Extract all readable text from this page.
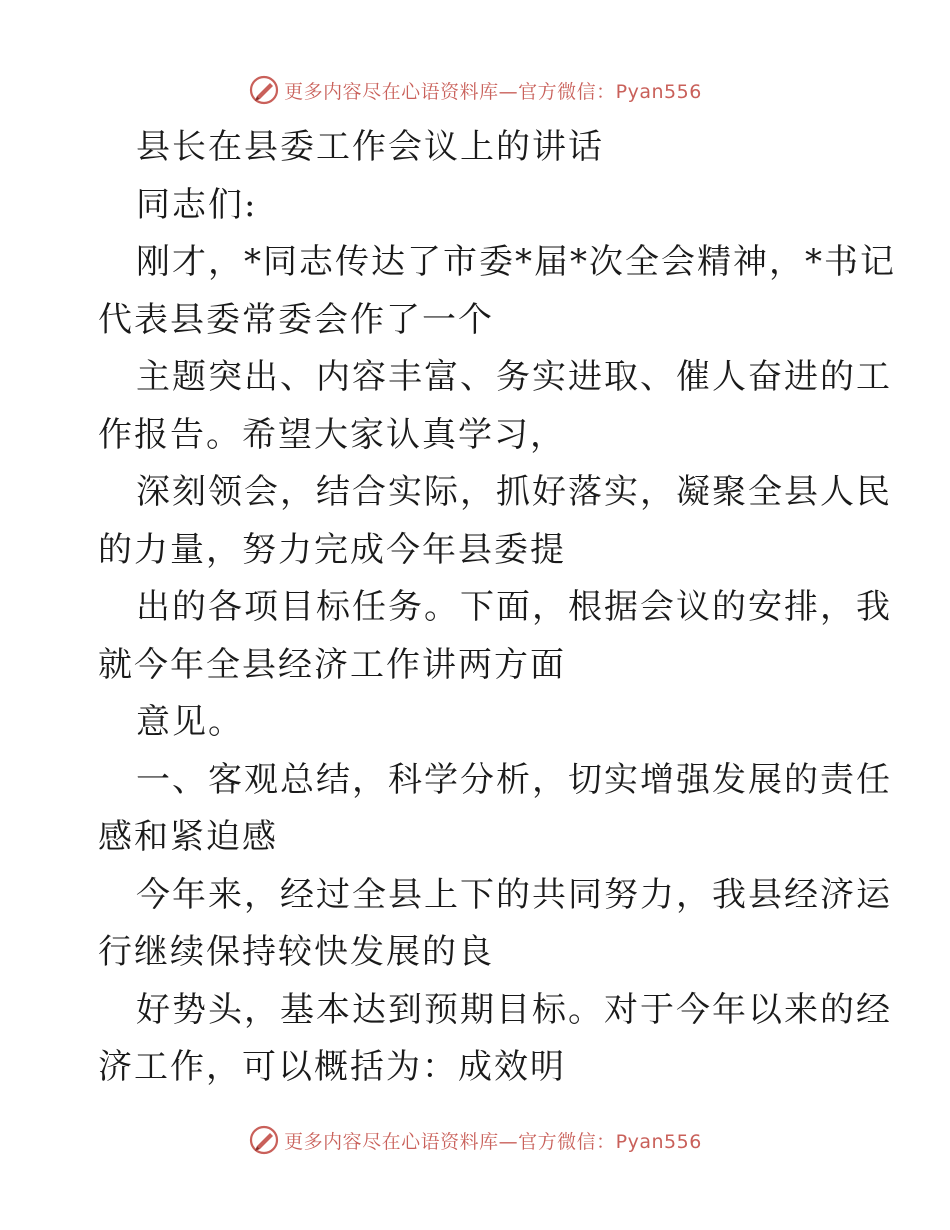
更多内容尽在心语资料库—官方微信：Pyan556

县长在县委工作会议上的讲话

同志们:

刚才，*同志传达了市委*届*次全会精神，*书记

代表县委常委会作了一个

主题突出、内容丰富、务实进取、催人奋进的工

作报告。希望大家认真学习，

深刻领会，结合实际，抓好落实，凝聚全县人民

的力量，努力完成今年县委提

出的各项目标任务。下面，根据会议的安排，我

就今年全县经济工作讲两方面

意见。

一、客观总结，科学分析，切实增强发展的责任

感和紧迫感

今年来，经过全县上下的共同努力，我县经济运

行继续保持较快发展的良

好势头，基本达到预期目标。对于今年以来的经

济工作，可以概括为：成效明

更多内容尽在心语资料库—官方微信：Pyan556
